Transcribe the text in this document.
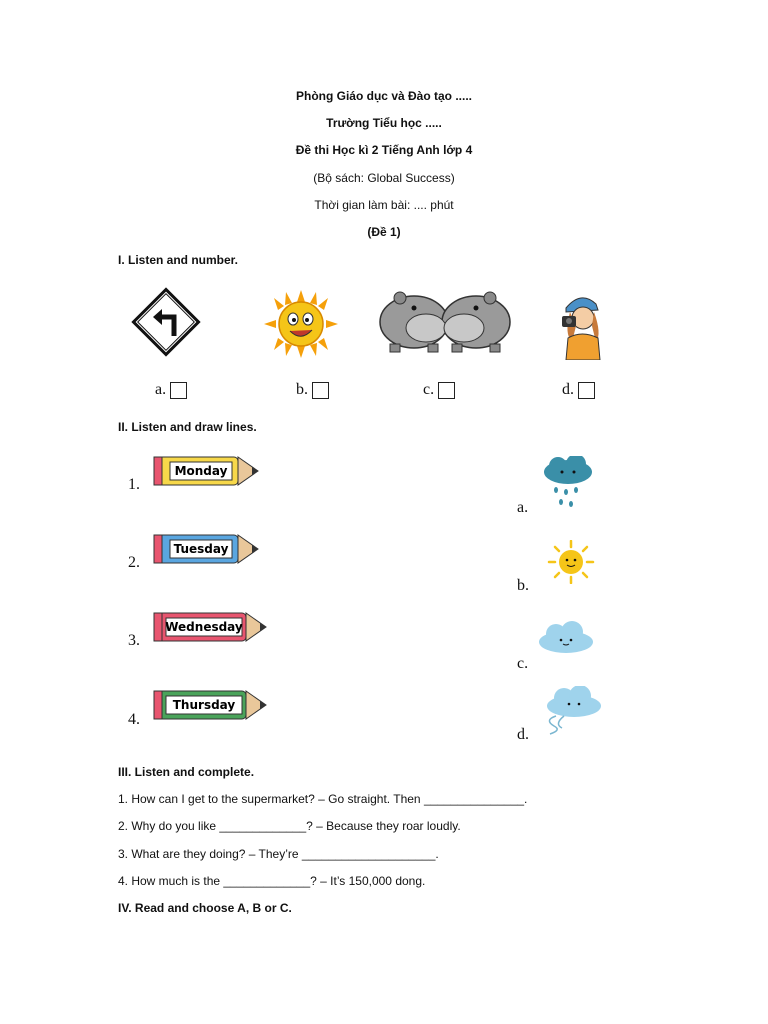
Phòng Giáo dục và Đào tạo .....
Trường Tiểu học .....
Đề thi Học kì 2 Tiếng Anh lớp 4
(Bộ sách: Global Success)
Thời gian làm bài: .... phút
(Đề 1)
I. Listen and number.
a.	b.	c.	d.
II. Listen and draw lines.
1.
Monday
2.
Tuesday
3.
Wednesday
4.
Thursday
a.
b.
c.
d.
III. Listen and complete.
1. How can I get to the supermarket? – Go straight. Then _______________.
2. Why do you like _____________? – Because they roar loudly.
3. What are they doing? – They’re ____________________.
4. How much is the _____________? – It’s 150,000 dong.
IV. Read and choose A, B or C.
